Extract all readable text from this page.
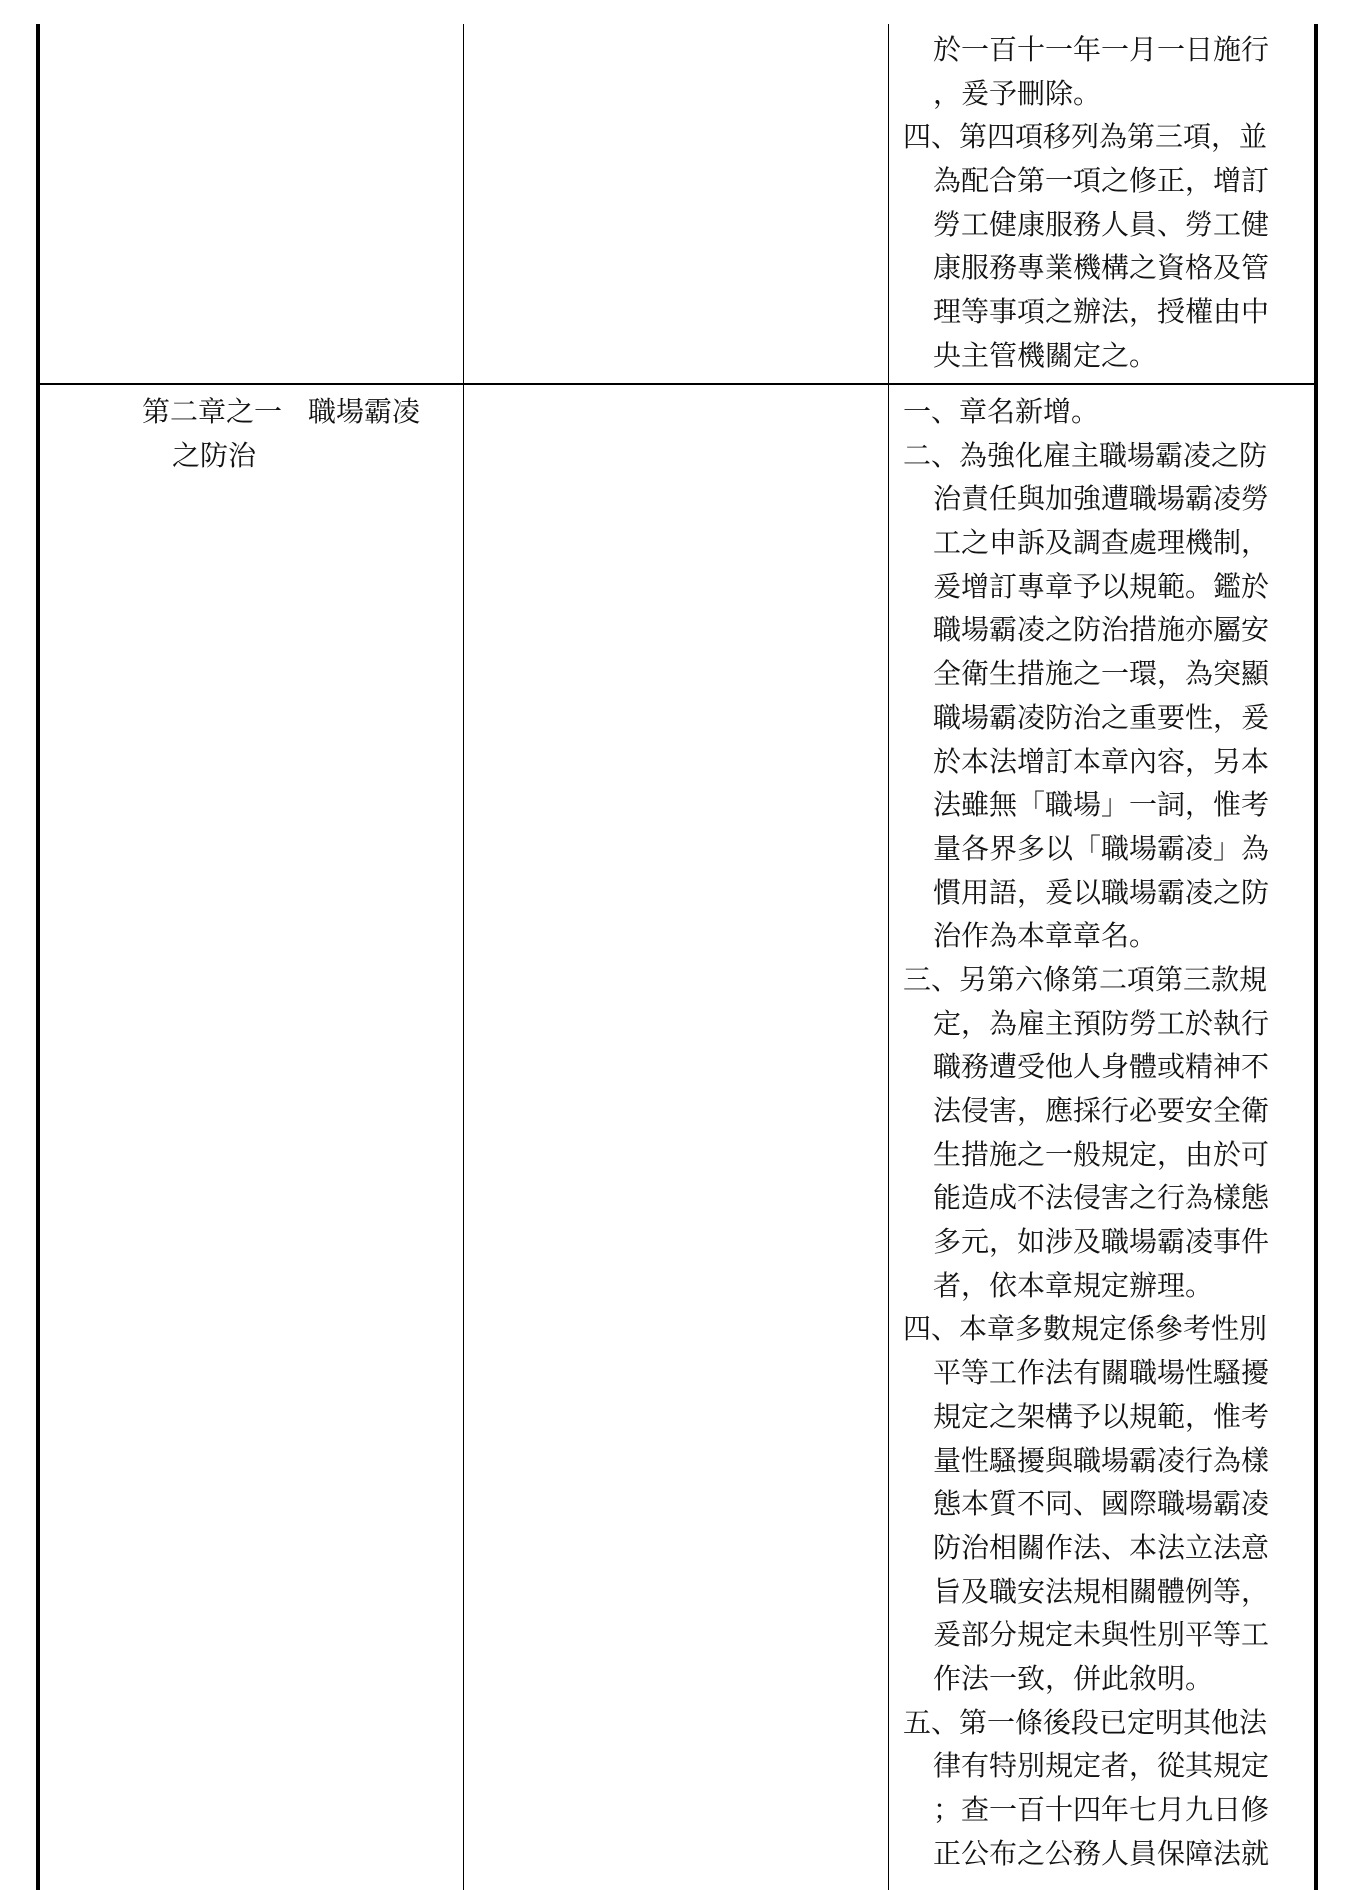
於一百十一年一月一日施行
，爰予刪除。
四、第四項移列為第三項，並
為配合第一項之修正，增訂
勞工健康服務人員、勞工健
康服務專業機構之資格及管
理等事項之辦法，授權由中
央主管機關定之。
第二章之一 職場霸凌
之防治
一、章名新增。
二、為強化雇主職場霸凌之防
治責任與加強遭職場霸凌勞
工之申訴及調查處理機制，
爰增訂專章予以規範。鑑於
職場霸凌之防治措施亦屬安
全衛生措施之一環，為突顯
職場霸凌防治之重要性，爰
於本法增訂本章內容，另本
法雖無「職場」一詞，惟考
量各界多以「職場霸凌」為
慣用語，爰以職場霸凌之防
治作為本章章名。
三、另第六條第二項第三款規
定，為雇主預防勞工於執行
職務遭受他人身體或精神不
法侵害，應採行必要安全衛
生措施之一般規定，由於可
能造成不法侵害之行為樣態
多元，如涉及職場霸凌事件
者，依本章規定辦理。
四、本章多數規定係參考性別
平等工作法有關職場性騷擾
規定之架構予以規範，惟考
量性騷擾與職場霸凌行為樣
態本質不同、國際職場霸凌
防治相關作法、本法立法意
旨及職安法規相關體例等，
爰部分規定未與性別平等工
作法一致，併此敘明。
五、第一條後段已定明其他法
律有特別規定者，從其規定
；查一百十四年七月九日修
正公布之公務人員保障法就
